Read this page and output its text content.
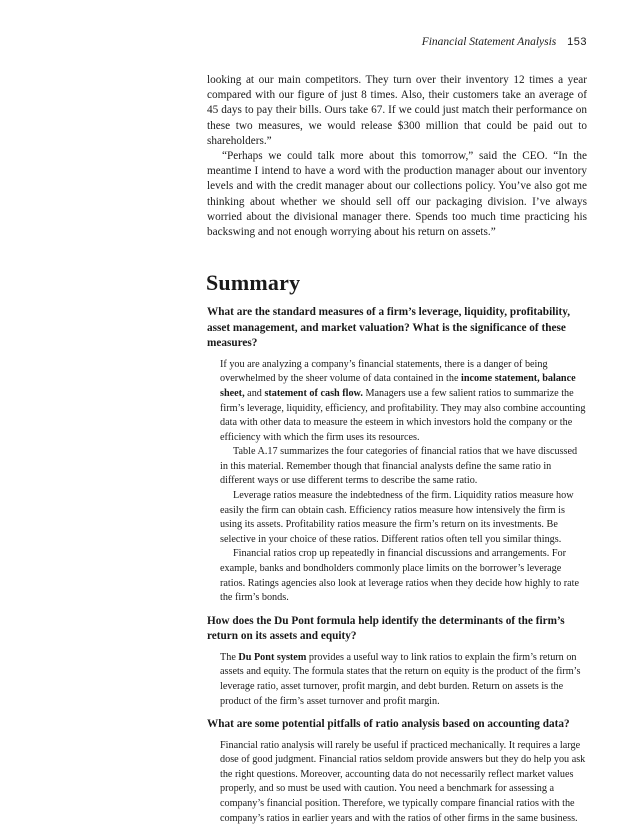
Financial Statement Analysis 153

looking at our main competitors. They turn over their inventory 12 times a year compared with our figure of just 8 times. Also, their customers take an average of 45 days to pay their bills. Ours take 67. If we could just match their performance on these two measures, we would release $300 million that could be paid out to shareholders.”

“Perhaps we could talk more about this tomorrow,” said the CEO. “In the meantime I intend to have a word with the production manager about our inventory levels and with the credit manager about our collections policy. You’ve also got me thinking about whether we should sell off our packaging division. I’ve always worried about the divisional manager there. Spends too much time practicing his backswing and not enough worrying about his return on assets.”

Summary

What are the standard measures of a firm’s leverage, liquidity, profitability, asset management, and market valuation? What is the significance of these measures?

If you are analyzing a company’s financial statements, there is a danger of being overwhelmed by the sheer volume of data contained in the income statement, balance sheet, and statement of cash flow. Managers use a few salient ratios to summarize the firm’s leverage, liquidity, efficiency, and profitability. They may also combine accounting data with other data to measure the esteem in which investors hold the company or the efficiency with which the firm uses its resources.

Table A.17 summarizes the four categories of financial ratios that we have discussed in this material. Remember though that financial analysts define the same ratio in different ways or use different terms to describe the same ratio.

Leverage ratios measure the indebtedness of the firm. Liquidity ratios measure how easily the firm can obtain cash. Efficiency ratios measure how intensively the firm is using its assets. Profitability ratios measure the firm’s return on its investments. Be selective in your choice of these ratios. Different ratios often tell you similar things.

Financial ratios crop up repeatedly in financial discussions and arrangements. For example, banks and bondholders commonly place limits on the borrower’s leverage ratios. Ratings agencies also look at leverage ratios when they decide how highly to rate the firm’s bonds.

How does the Du Pont formula help identify the determinants of the firm’s return on its assets and equity?

The Du Pont system provides a useful way to link ratios to explain the firm’s return on assets and equity. The formula states that the return on equity is the product of the firm’s leverage ratio, asset turnover, profit margin, and debt burden. Return on assets is the product of the firm’s asset turnover and profit margin.

What are some potential pitfalls of ratio analysis based on accounting data?

Financial ratio analysis will rarely be useful if practiced mechanically. It requires a large dose of good judgment. Financial ratios seldom provide answers but they do help you ask the right questions. Moreover, accounting data do not necessarily reflect market values properly, and so must be used with caution. You need a benchmark for assessing a company’s financial position. Therefore, we typically compare financial ratios with the company’s ratios in earlier years and with the ratios of other firms in the same business.
